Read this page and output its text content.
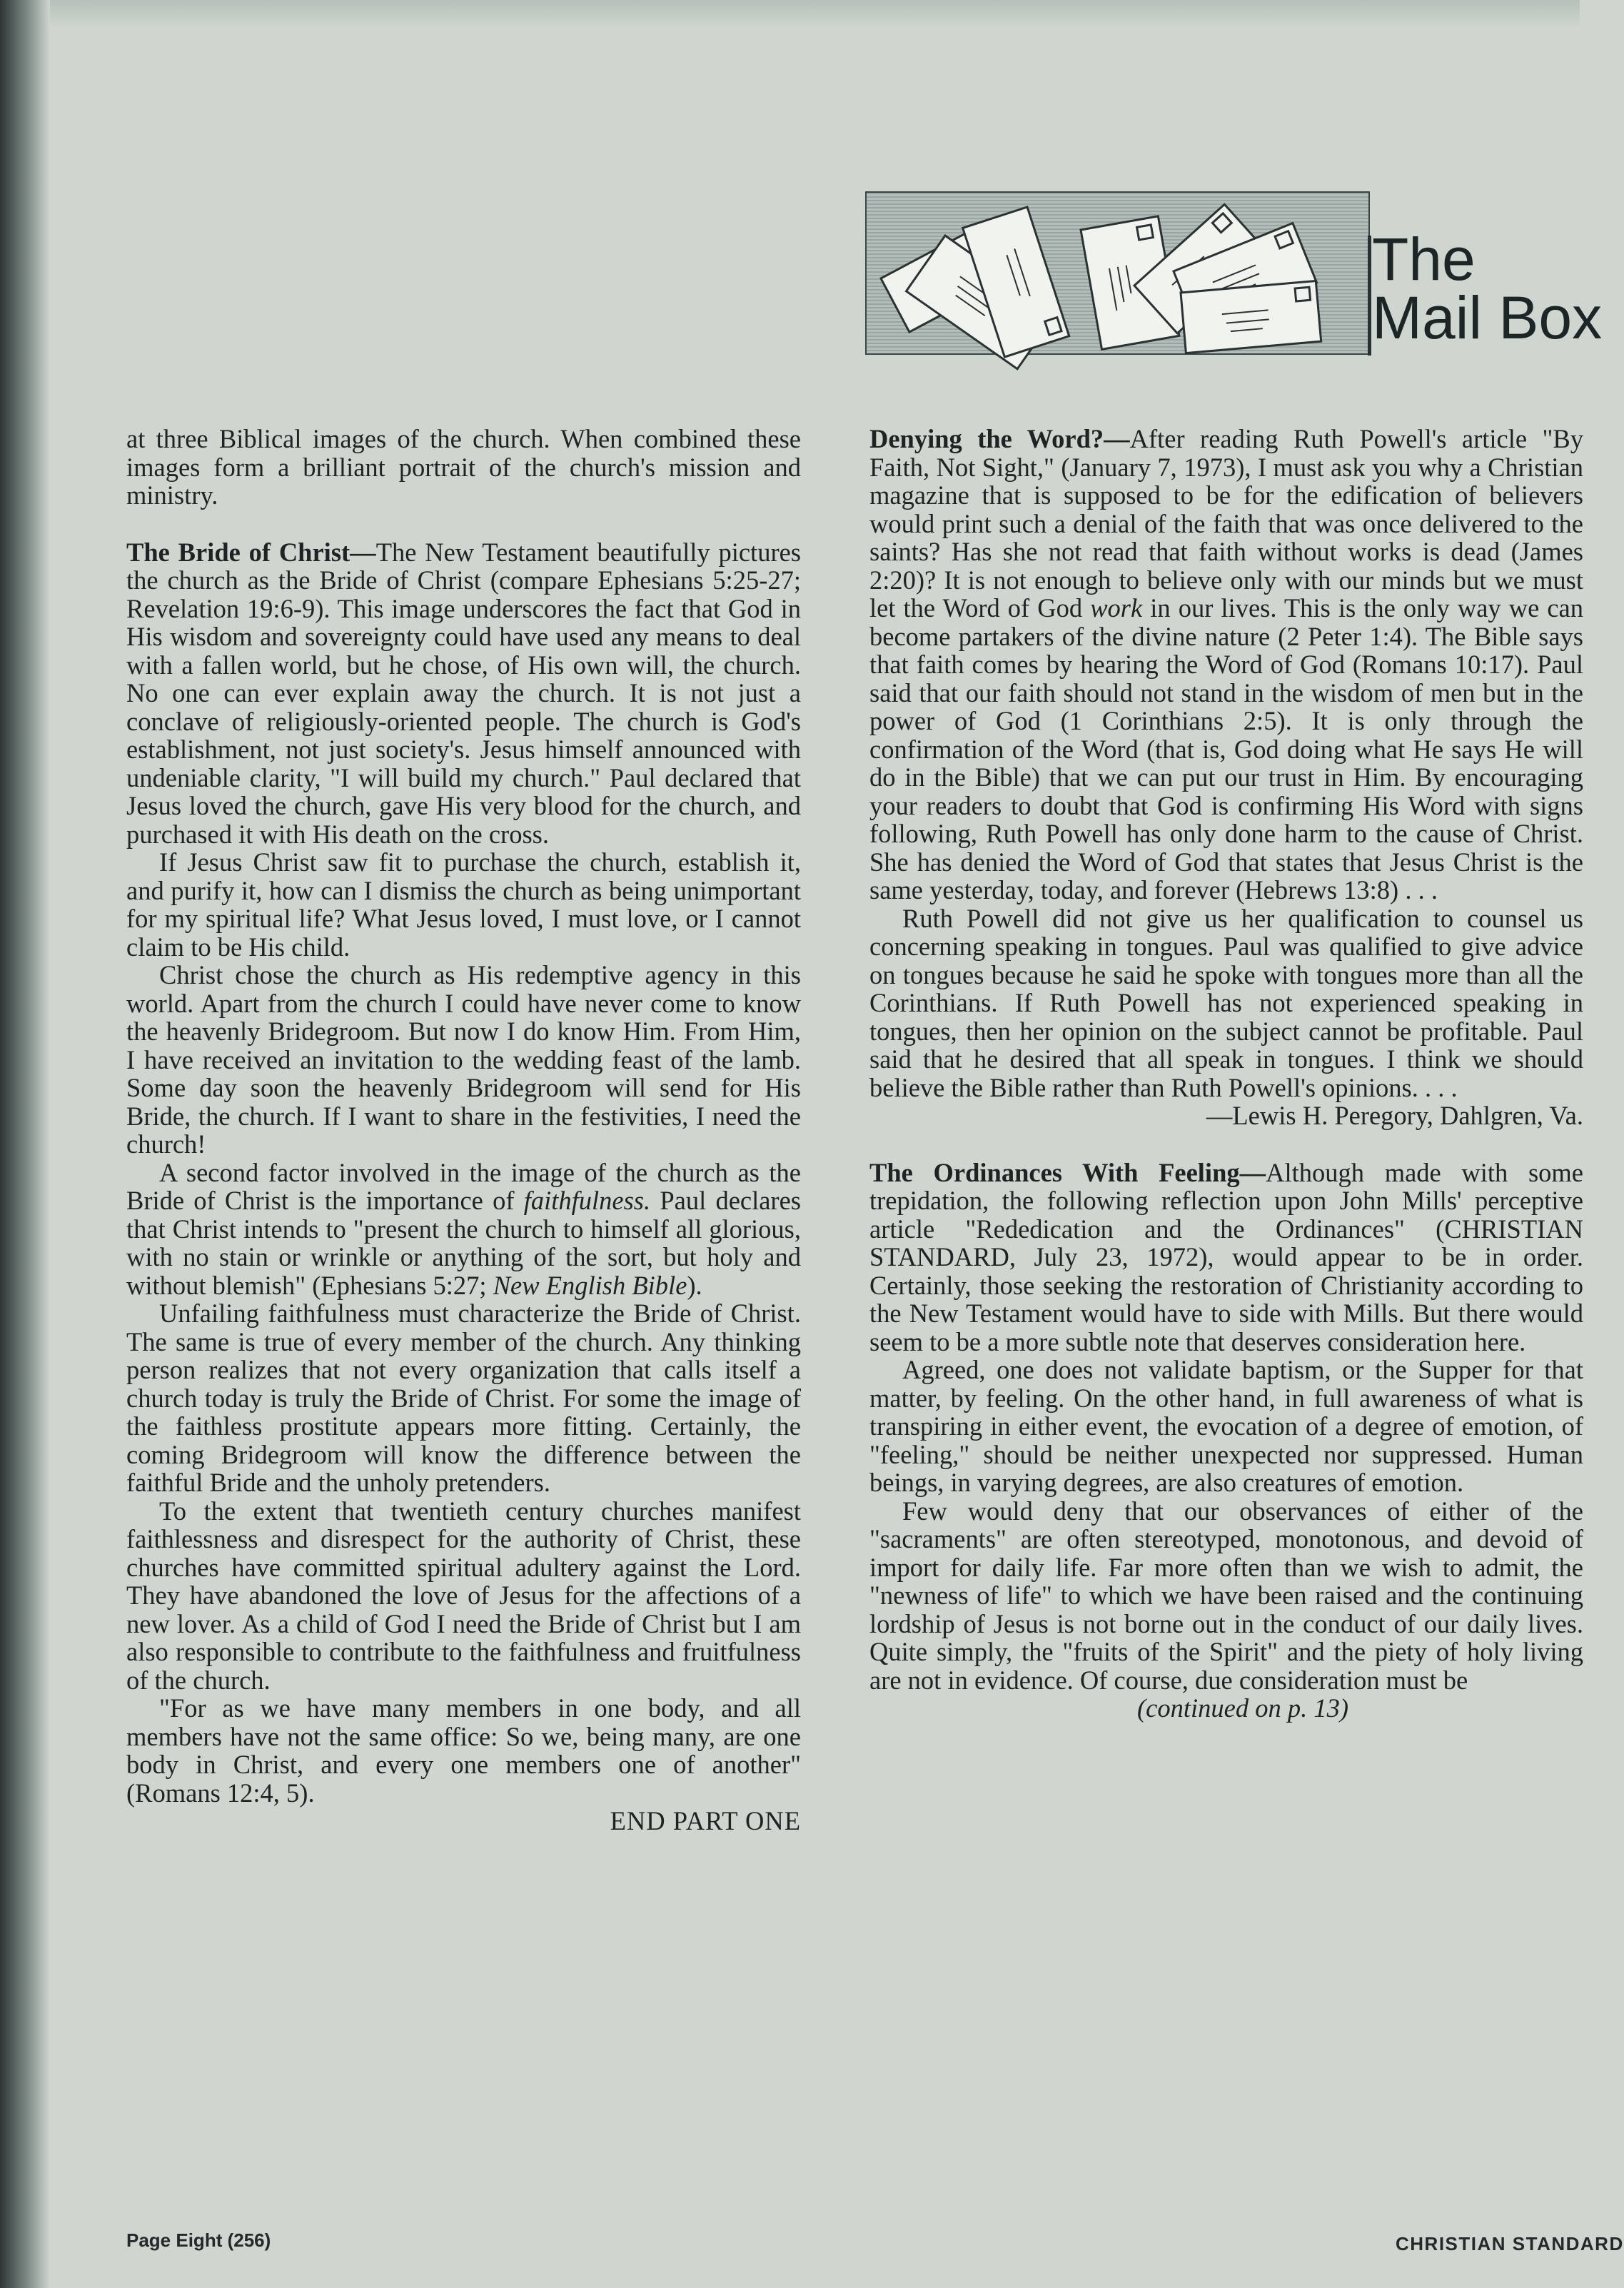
The
Mail Box

at three Biblical images of the church. When combined these images form a brilliant portrait of the church's mission and ministry.

The Bride of Christ—The New Testament beautifully pictures the church as the Bride of Christ (compare Ephesians 5:25-27; Revelation 19:6-9). This image underscores the fact that God in His wisdom and sovereignty could have used any means to deal with a fallen world, but he chose, of His own will, the church. No one can ever explain away the church. It is not just a conclave of religiously-oriented people. The church is God's establishment, not just society's. Jesus himself announced with undeniable clarity, "I will build my church." Paul declared that Jesus loved the church, gave His very blood for the church, and purchased it with His death on the cross.

If Jesus Christ saw fit to purchase the church, establish it, and purify it, how can I dismiss the church as being unimportant for my spiritual life? What Jesus loved, I must love, or I cannot claim to be His child.

Christ chose the church as His redemptive agency in this world. Apart from the church I could have never come to know the heavenly Bridegroom. But now I do know Him. From Him, I have received an invitation to the wedding feast of the lamb. Some day soon the heavenly Bridegroom will send for His Bride, the church. If I want to share in the festivities, I need the church!

A second factor involved in the image of the church as the Bride of Christ is the importance of faithfulness. Paul declares that Christ intends to "present the church to himself all glorious, with no stain or wrinkle or anything of the sort, but holy and without blemish" (Ephesians 5:27; New English Bible).

Unfailing faithfulness must characterize the Bride of Christ. The same is true of every member of the church. Any thinking person realizes that not every organization that calls itself a church today is truly the Bride of Christ. For some the image of the faithless prostitute appears more fitting. Certainly, the coming Bridegroom will know the difference between the faithful Bride and the unholy pretenders.

To the extent that twentieth century churches manifest faithlessness and disrespect for the authority of Christ, these churches have committed spiritual adultery against the Lord. They have abandoned the love of Jesus for the affections of a new lover. As a child of God I need the Bride of Christ but I am also responsible to contribute to the faithfulness and fruitfulness of the church.

"For as we have many members in one body, and all members have not the same office: So we, being many, are one body in Christ, and every one members one of another" (Romans 12:4, 5).

END PART ONE

Denying the Word?—After reading Ruth Powell's article "By Faith, Not Sight," (January 7, 1973), I must ask you why a Christian magazine that is supposed to be for the edification of believers would print such a denial of the faith that was once delivered to the saints? Has she not read that faith without works is dead (James 2:20)? It is not enough to believe only with our minds but we must let the Word of God work in our lives. This is the only way we can become partakers of the divine nature (2 Peter 1:4). The Bible says that faith comes by hearing the Word of God (Romans 10:17). Paul said that our faith should not stand in the wisdom of men but in the power of God (1 Corinthians 2:5). It is only through the confirmation of the Word (that is, God doing what He says He will do in the Bible) that we can put our trust in Him. By encouraging your readers to doubt that God is confirming His Word with signs following, Ruth Powell has only done harm to the cause of Christ. She has denied the Word of God that states that Jesus Christ is the same yesterday, today, and forever (Hebrews 13:8) . . .

Ruth Powell did not give us her qualification to counsel us concerning speaking in tongues. Paul was qualified to give advice on tongues because he said he spoke with tongues more than all the Corinthians. If Ruth Powell has not experienced speaking in tongues, then her opinion on the subject cannot be profitable. Paul said that he desired that all speak in tongues. I think we should believe the Bible rather than Ruth Powell's opinions. . . .

—Lewis H. Peregory, Dahlgren, Va.

The Ordinances With Feeling—Although made with some trepidation, the following reflection upon John Mills' perceptive article "Rededication and the Ordinances" (CHRISTIAN STANDARD, July 23, 1972), would appear to be in order. Certainly, those seeking the restoration of Christianity according to the New Testament would have to side with Mills. But there would seem to be a more subtle note that deserves consideration here.

Agreed, one does not validate baptism, or the Supper for that matter, by feeling. On the other hand, in full awareness of what is transpiring in either event, the evocation of a degree of emotion, of "feeling," should be neither unexpected nor suppressed. Human beings, in varying degrees, are also creatures of emotion.

Few would deny that our observances of either of the "sacraments" are often stereotyped, monotonous, and devoid of import for daily life. Far more often than we wish to admit, the "newness of life" to which we have been raised and the continuing lordship of Jesus is not borne out in the conduct of our daily lives. Quite simply, the "fruits of the Spirit" and the piety of holy living are not in evidence. Of course, due consideration must be

(continued on p. 13)

Page Eight (256)	CHRISTIAN STANDARD
